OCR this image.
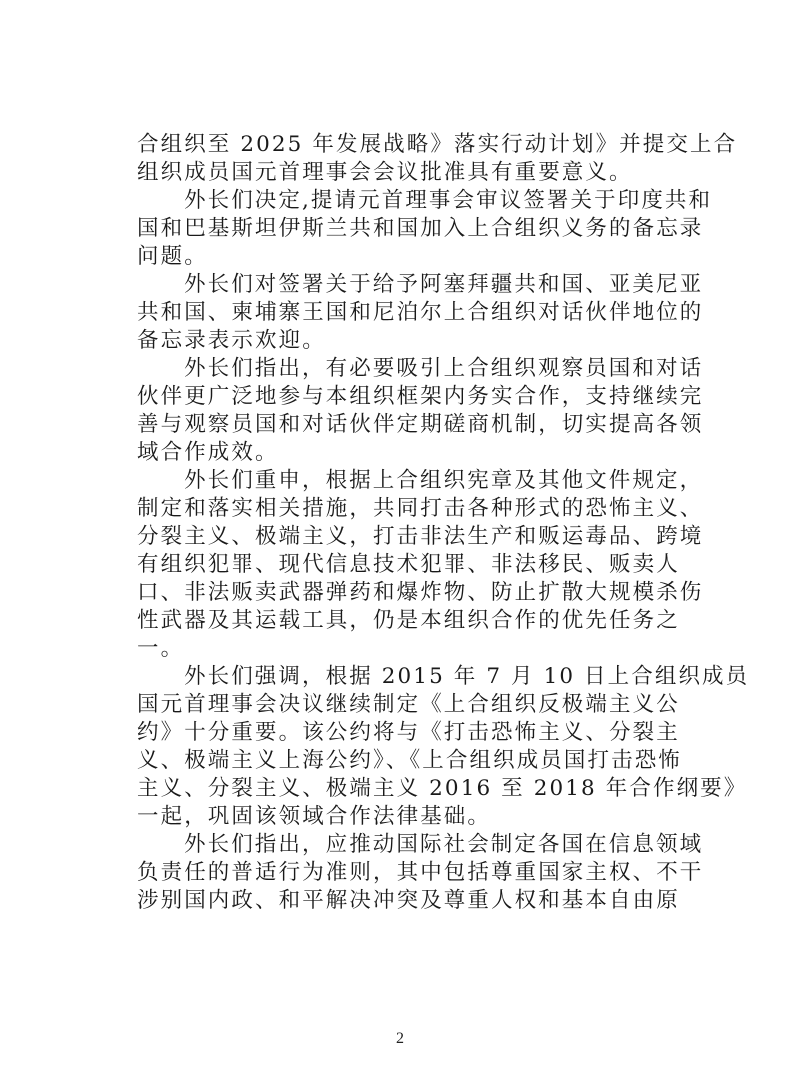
合组织至 2025 年发展战略》落实行动计划》并提交上合
组织成员国元首理事会会议批准具有重要意义。
外长们决定,提请元首理事会审议签署关于印度共和
国和巴基斯坦伊斯兰共和国加入上合组织义务的备忘录
问题。
外长们对签署关于给予阿塞拜疆共和国、亚美尼亚
共和国、柬埔寨王国和尼泊尔上合组织对话伙伴地位的
备忘录表示欢迎。
外长们指出，有必要吸引上合组织观察员国和对话
伙伴更广泛地参与本组织框架内务实合作，支持继续完
善与观察员国和对话伙伴定期磋商机制，切实提高各领
域合作成效。
外长们重申，根据上合组织宪章及其他文件规定，
制定和落实相关措施，共同打击各种形式的恐怖主义、
分裂主义、极端主义，打击非法生产和贩运毒品、跨境
有组织犯罪、现代信息技术犯罪、非法移民、贩卖人
口、非法贩卖武器弹药和爆炸物、防止扩散大规模杀伤
性武器及其运载工具，仍是本组织合作的优先任务之
一。
外长们强调，根据 2015 年 7 月 10 日上合组织成员
国元首理事会决议继续制定《上合组织反极端主义公
约》十分重要。该公约将与《打击恐怖主义、分裂主
义、极端主义上海公约》、《上合组织成员国打击恐怖
主义、分裂主义、极端主义 2016 至 2018 年合作纲要》
一起，巩固该领域合作法律基础。
外长们指出，应推动国际社会制定各国在信息领域
负责任的普适行为准则，其中包括尊重国家主权、不干
涉别国内政、和平解决冲突及尊重人权和基本自由原
2
